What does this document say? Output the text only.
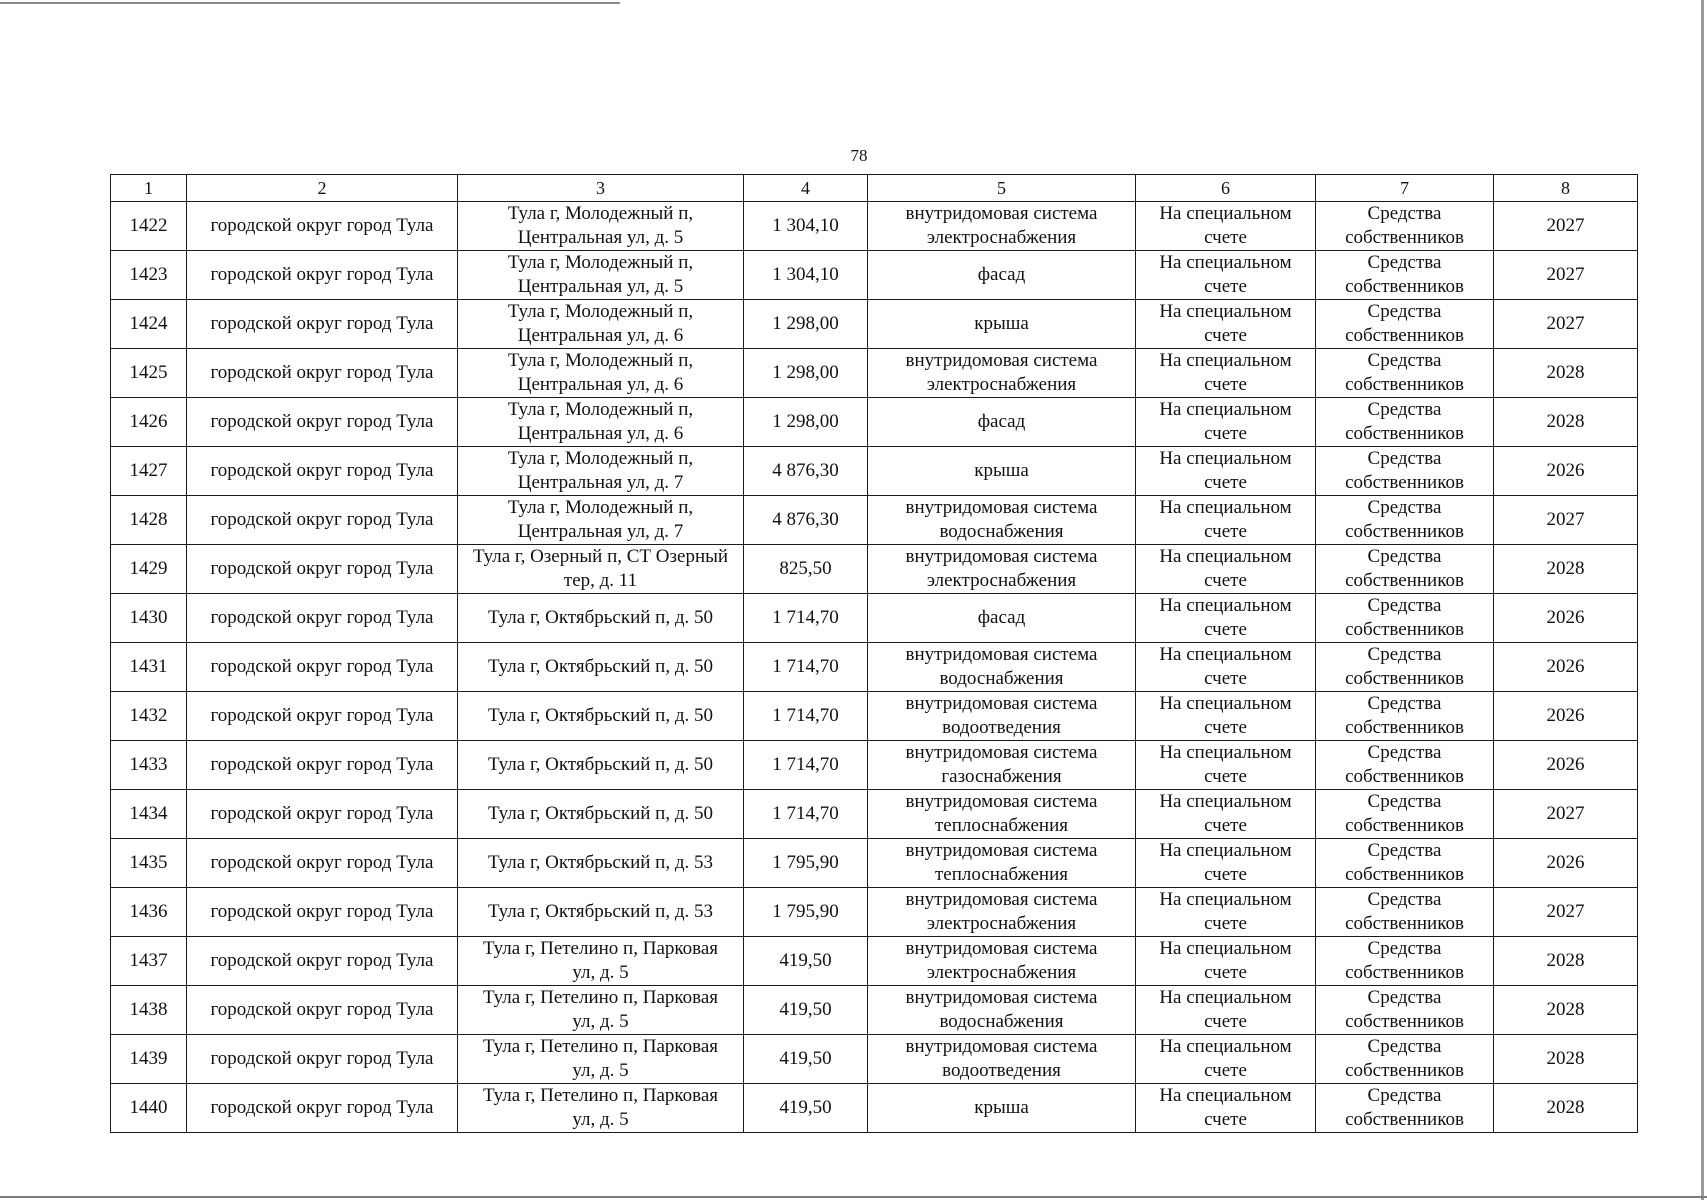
78
1	2	3	4	5	6	7	8
1422	городской округ город Тула	Тула г, Молодежный п,
Центральная ул, д. 5	1 304,10	внутридомовая система
электроснабжения	На специальном
счете	Средства
собственников	2027
1423	городской округ город Тула	Тула г, Молодежный п,
Центральная ул, д. 5	1 304,10	фасад	На специальном
счете	Средства
собственников	2027
1424	городской округ город Тула	Тула г, Молодежный п,
Центральная ул, д. 6	1 298,00	крыша	На специальном
счете	Средства
собственников	2027
1425	городской округ город Тула	Тула г, Молодежный п,
Центральная ул, д. 6	1 298,00	внутридомовая система
электроснабжения	На специальном
счете	Средства
собственников	2028
1426	городской округ город Тула	Тула г, Молодежный п,
Центральная ул, д. 6	1 298,00	фасад	На специальном
счете	Средства
собственников	2028
1427	городской округ город Тула	Тула г, Молодежный п,
Центральная ул, д. 7	4 876,30	крыша	На специальном
счете	Средства
собственников	2026
1428	городской округ город Тула	Тула г, Молодежный п,
Центральная ул, д. 7	4 876,30	внутридомовая система
водоснабжения	На специальном
счете	Средства
собственников	2027
1429	городской округ город Тула	Тула г, Озерный п, СТ Озерный
тер, д. 11	825,50	внутридомовая система
электроснабжения	На специальном
счете	Средства
собственников	2028
1430	городской округ город Тула	Тула г, Октябрьский п, д. 50	1 714,70	фасад	На специальном
счете	Средства
собственников	2026
1431	городской округ город Тула	Тула г, Октябрьский п, д. 50	1 714,70	внутридомовая система
водоснабжения	На специальном
счете	Средства
собственников	2026
1432	городской округ город Тула	Тула г, Октябрьский п, д. 50	1 714,70	внутридомовая система
водоотведения	На специальном
счете	Средства
собственников	2026
1433	городской округ город Тула	Тула г, Октябрьский п, д. 50	1 714,70	внутридомовая система
газоснабжения	На специальном
счете	Средства
собственников	2026
1434	городской округ город Тула	Тула г, Октябрьский п, д. 50	1 714,70	внутридомовая система
теплоснабжения	На специальном
счете	Средства
собственников	2027
1435	городской округ город Тула	Тула г, Октябрьский п, д. 53	1 795,90	внутридомовая система
теплоснабжения	На специальном
счете	Средства
собственников	2026
1436	городской округ город Тула	Тула г, Октябрьский п, д. 53	1 795,90	внутридомовая система
электроснабжения	На специальном
счете	Средства
собственников	2027
1437	городской округ город Тула	Тула г, Петелино п, Парковая
ул, д. 5	419,50	внутридомовая система
электроснабжения	На специальном
счете	Средства
собственников	2028
1438	городской округ город Тула	Тула г, Петелино п, Парковая
ул, д. 5	419,50	внутридомовая система
водоснабжения	На специальном
счете	Средства
собственников	2028
1439	городской округ город Тула	Тула г, Петелино п, Парковая
ул, д. 5	419,50	внутридомовая система
водоотведения	На специальном
счете	Средства
собственников	2028
1440	городской округ город Тула	Тула г, Петелино п, Парковая
ул, д. 5	419,50	крыша	На специальном
счете	Средства
собственников	2028
